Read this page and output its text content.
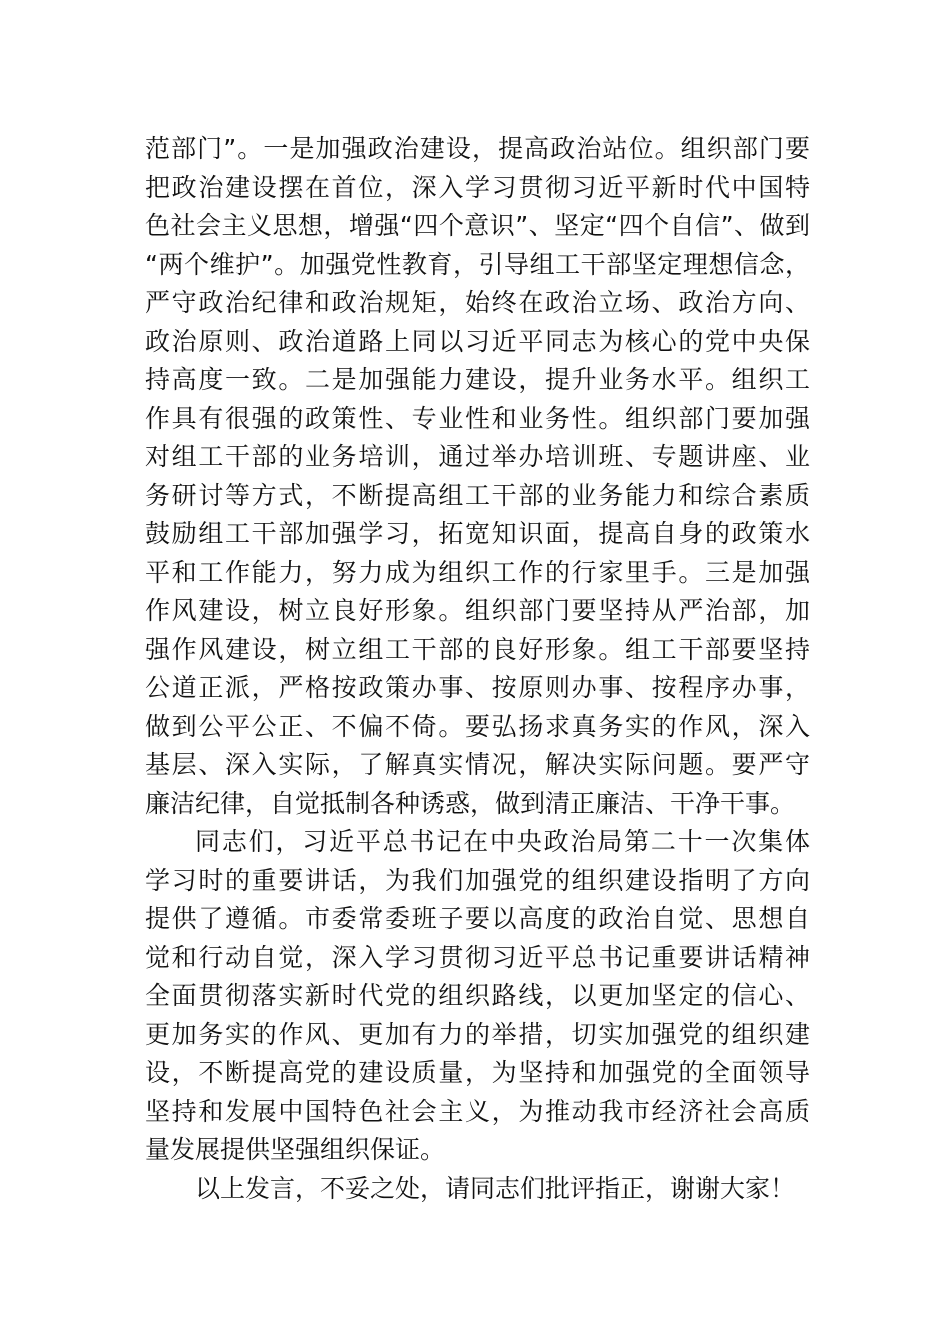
范部门”。一是加强政治建设，提高政治站位。组织部门要
把政治建设摆在首位，深入学习贯彻习近平新时代中国特
色社会主义思想，增强“四个意识”、坚定“四个自信”、做到
“两个维护”。加强党性教育，引导组工干部坚定理想信念，
严守政治纪律和政治规矩，始终在政治立场、政治方向、
政治原则、政治道路上同以习近平同志为核心的党中央保
持高度一致。二是加强能力建设，提升业务水平。组织工
作具有很强的政策性、专业性和业务性。组织部门要加强
对组工干部的业务培训，通过举办培训班、专题讲座、业
务研讨等方式，不断提高组工干部的业务能力和综合素质
鼓励组工干部加强学习，拓宽知识面，提高自身的政策水
平和工作能力，努力成为组织工作的行家里手。三是加强
作风建设，树立良好形象。组织部门要坚持从严治部，加
强作风建设，树立组工干部的良好形象。组工干部要坚持
公道正派，严格按政策办事、按原则办事、按程序办事，
做到公平公正、不偏不倚。要弘扬求真务实的作风，深入
基层、深入实际，了解真实情况，解决实际问题。要严守
廉洁纪律，自觉抵制各种诱惑，做到清正廉洁、干净干事。
同志们，习近平总书记在中央政治局第二十一次集体
学习时的重要讲话，为我们加强党的组织建设指明了方向
提供了遵循。市委常委班子要以高度的政治自觉、思想自
觉和行动自觉，深入学习贯彻习近平总书记重要讲话精神
全面贯彻落实新时代党的组织路线，以更加坚定的信心、
更加务实的作风、更加有力的举措，切实加强党的组织建
设，不断提高党的建设质量，为坚持和加强党的全面领导
坚持和发展中国特色社会主义，为推动我市经济社会高质
量发展提供坚强组织保证。
以上发言，不妥之处，请同志们批评指正，谢谢大家！
